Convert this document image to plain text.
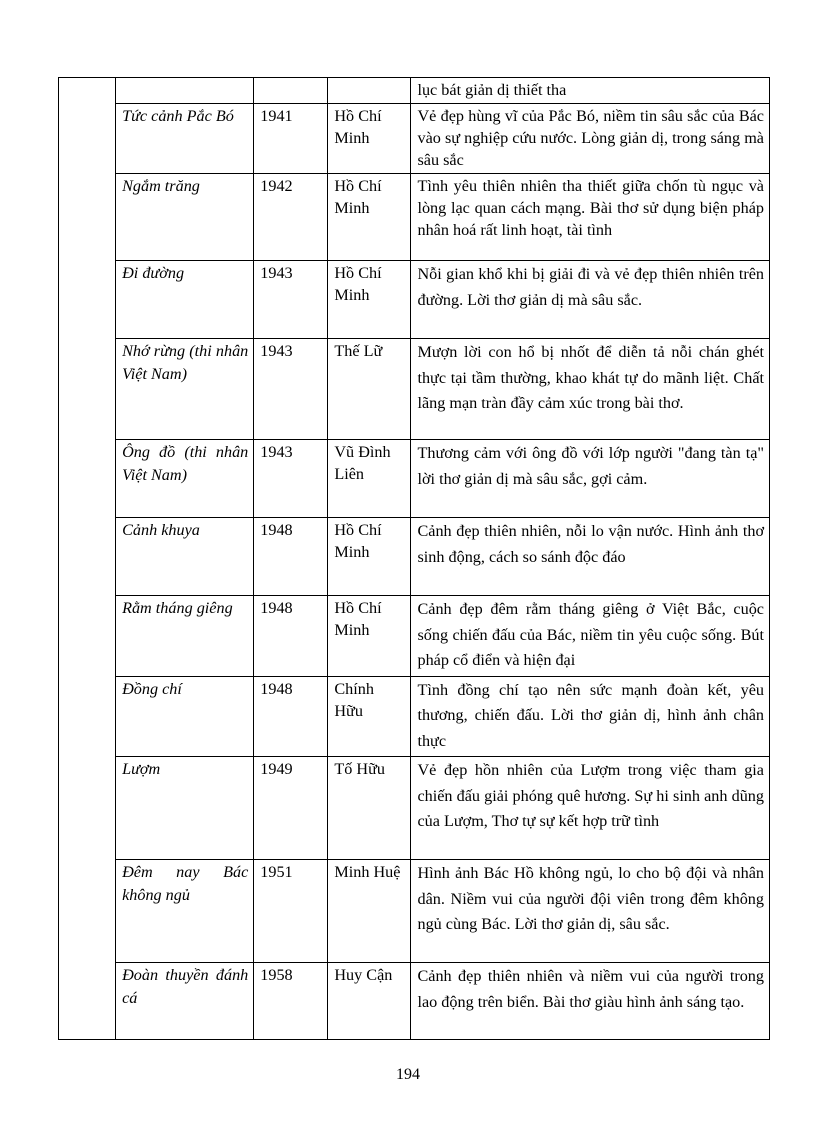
				lục bát giản dị thiết tha
	Tức cảnh Pắc Bó	1941	Hồ Chí Minh	Vẻ đẹp hùng vĩ của Pắc Bó, niềm tin sâu sắc của Bác vào sự nghiệp cứu nước. Lòng giản dị, trong sáng mà sâu sắc
	Ngắm trăng	1942	Hồ Chí Minh	Tình yêu thiên nhiên tha thiết giữa chốn tù ngục và lòng lạc quan cách mạng. Bài thơ sử dụng biện pháp nhân hoá rất linh hoạt, tài tình
	Đi đường	1943	Hồ Chí Minh	Nỗi gian khổ khi bị giải đi và vẻ đẹp thiên nhiên trên đường. Lời thơ giản dị mà sâu sắc.
	Nhớ rừng (thi nhân Việt Nam)	1943	Thế Lữ	Mượn lời con hổ bị nhốt để diễn tả nỗi chán ghét thực tại tầm thường, khao khát tự do mãnh liệt. Chất lãng mạn tràn đầy cảm xúc trong bài thơ.
	Ông đồ (thi nhân Việt Nam)	1943	Vũ Đình Liên	Thương cảm với ông đồ với lớp người "đang tàn tạ" lời thơ giản dị mà sâu sắc, gợi cảm.
	Cảnh khuya	1948	Hồ Chí Minh	Cảnh đẹp thiên nhiên, nỗi lo vận nước. Hình ảnh thơ sinh động, cách so sánh độc đáo
	Rằm tháng giêng	1948	Hồ Chí Minh	Cảnh đẹp đêm rằm tháng giêng ở Việt Bắc, cuộc sống chiến đấu của Bác, niềm tin yêu cuộc sống. Bút pháp cổ điển và hiện đại
	Đồng chí	1948	Chính Hữu	Tình đồng chí tạo nên sức mạnh đoàn kết, yêu thương, chiến đấu. Lời thơ giản dị, hình ảnh chân thực
	Lượm	1949	Tố Hữu	Vẻ đẹp hồn nhiên của Lượm trong việc tham gia chiến đấu giải phóng quê hương. Sự hi sinh anh dũng của Lượm, Thơ tự sự kết hợp trữ tình
	Đêm nay Bác không ngủ	1951	Minh Huệ	Hình ảnh Bác Hồ không ngủ, lo cho bộ đội và nhân dân. Niềm vui của người đội viên trong đêm không ngủ cùng Bác. Lời thơ giản dị, sâu sắc.
	Đoàn thuyền đánh cá	1958	Huy Cận	Cảnh đẹp thiên nhiên và niềm vui của người trong lao động trên biển. Bài thơ giàu hình ảnh sáng tạo.
194
